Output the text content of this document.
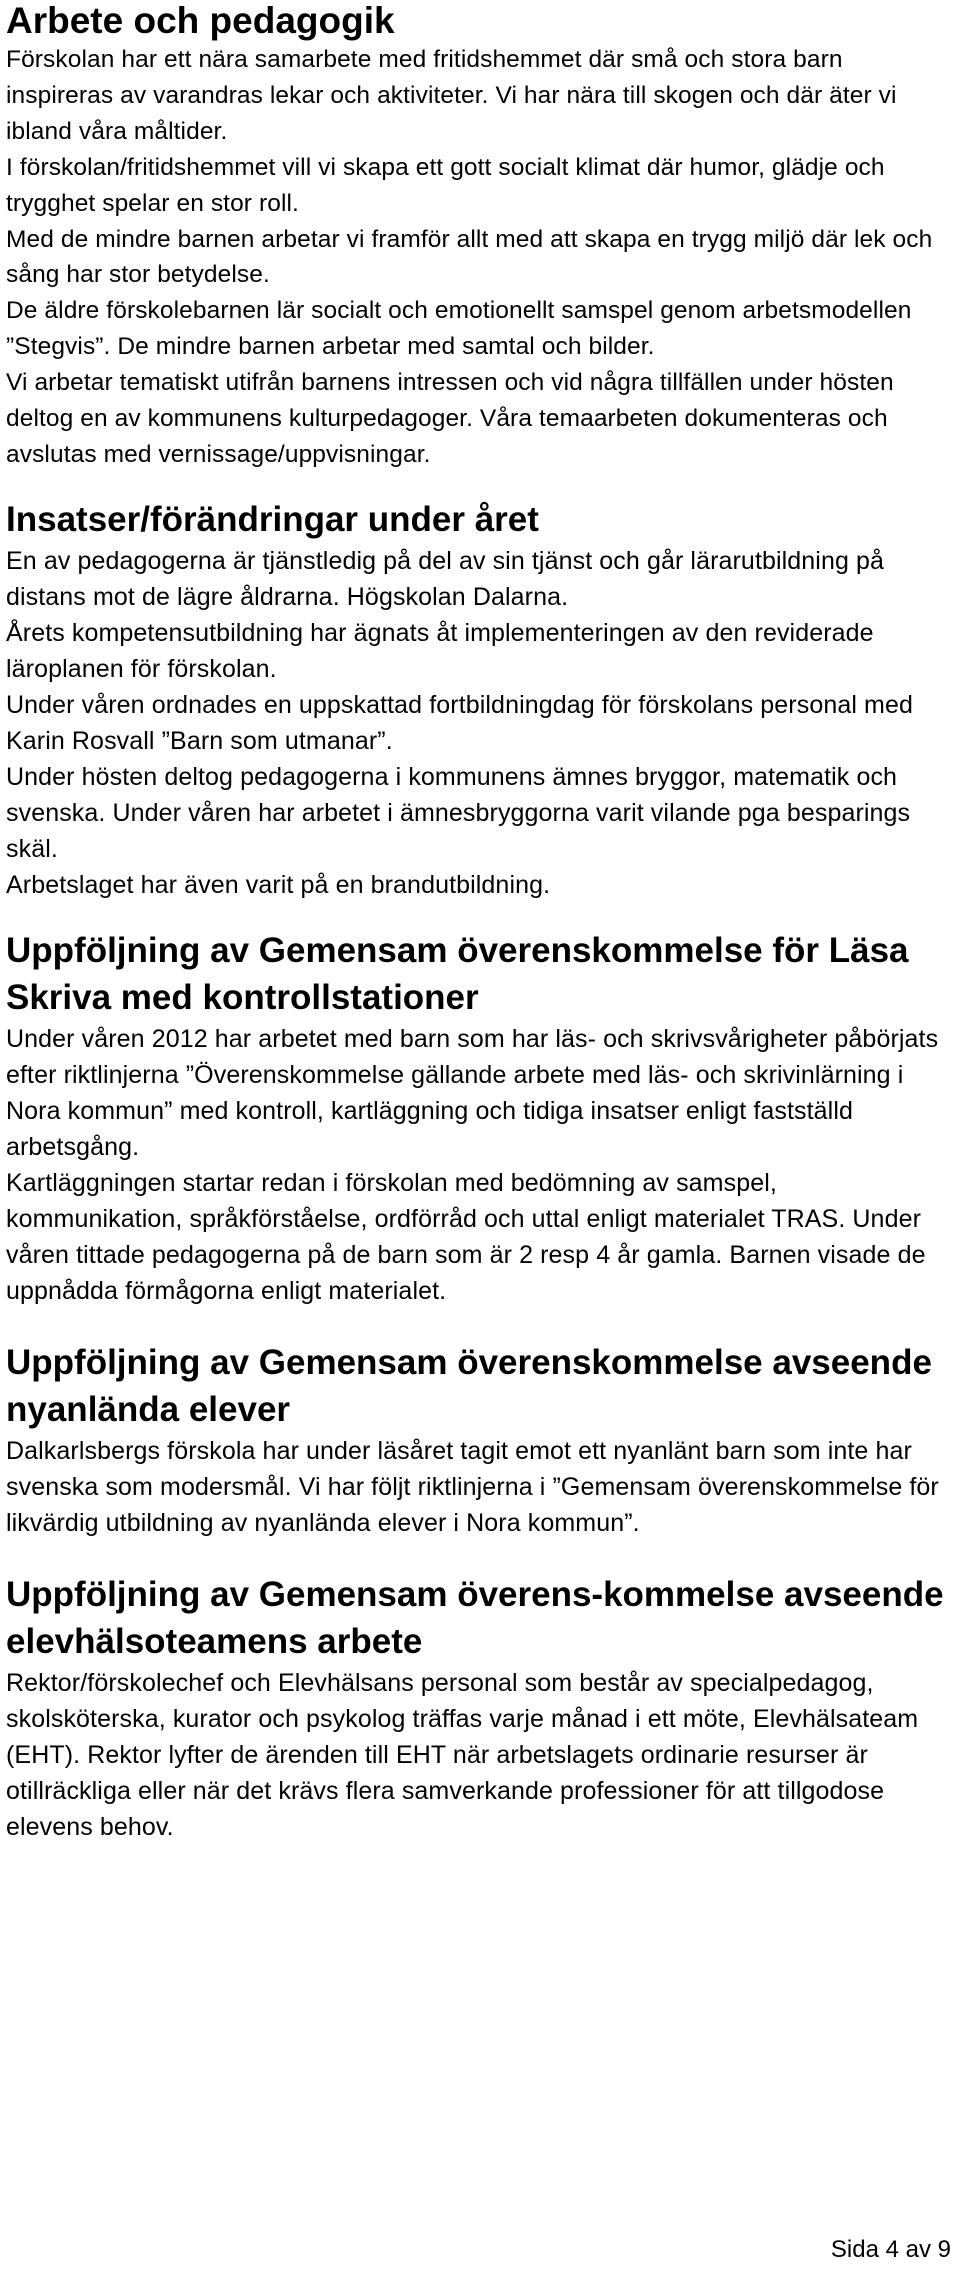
Arbete och pedagogik

Förskolan har ett nära samarbete med fritidshemmet där små och stora barn inspireras av varandras lekar och aktiviteter. Vi har nära till skogen och där äter vi ibland våra måltider.

I förskolan/fritidshemmet vill vi skapa ett gott socialt klimat där humor, glädje och trygghet spelar en stor roll.

Med de mindre barnen arbetar vi framför allt med att skapa en trygg miljö där lek och sång har stor betydelse.

De äldre förskolebarnen lär socialt och emotionellt samspel genom arbetsmodellen ”Stegvis”. De mindre barnen arbetar med samtal och bilder.

Vi arbetar tematiskt utifrån barnens intressen och vid några tillfällen under hösten deltog en av kommunens kulturpedagoger. Våra temaarbeten dokumenteras och avslutas med vernissage/uppvisningar.

Insatser/förändringar under året

En av pedagogerna är tjänstledig på del av sin tjänst och går lärarutbildning på distans mot de lägre åldrarna. Högskolan Dalarna.

Årets kompetensutbildning har ägnats åt implementeringen av den reviderade läroplanen för förskolan.

Under våren ordnades en uppskattad fortbildningdag för förskolans personal med Karin Rosvall ”Barn som utmanar”.

Under hösten deltog pedagogerna i kommunens ämnes bryggor, matematik och svenska. Under våren har arbetet i ämnesbryggorna varit vilande pga besparings skäl.

Arbetslaget har även varit på en brandutbildning.

Uppföljning av Gemensam överenskommelse för Läsa Skriva med kontrollstationer

Under våren 2012 har arbetet med barn som har läs- och skrivsvårigheter påbörjats efter riktlinjerna ”Överenskommelse gällande arbete med läs- och skrivinlärning i Nora kommun” med kontroll, kartläggning och tidiga insatser enligt fastställd arbetsgång.

Kartläggningen startar redan i förskolan med bedömning av samspel, kommunikation, språkförståelse, ordförråd och uttal enligt materialet TRAS. Under våren tittade pedagogerna på de barn som är 2 resp 4 år gamla. Barnen visade de uppnådda förmågorna enligt materialet.

Uppföljning av Gemensam överenskommelse avseende nyanlända elever

Dalkarlsbergs förskola har under läsåret tagit emot ett nyanlänt barn som inte har svenska som modersmål. Vi har följt riktlinjerna i ”Gemensam överenskommelse för likvärdig utbildning av nyanlända elever i Nora kommun”.

Uppföljning av Gemensam överens-kommelse avseende elevhälsoteamens arbete

Rektor/förskolechef och Elevhälsans personal som består av specialpedagog, skolsköterska, kurator och psykolog träffas varje månad i ett möte, Elevhälsateam (EHT). Rektor lyfter de ärenden till EHT när arbetslagets ordinarie resurser är otillräckliga eller när det krävs flera samverkande professioner för att tillgodose elevens behov.

Sida 4 av 9
